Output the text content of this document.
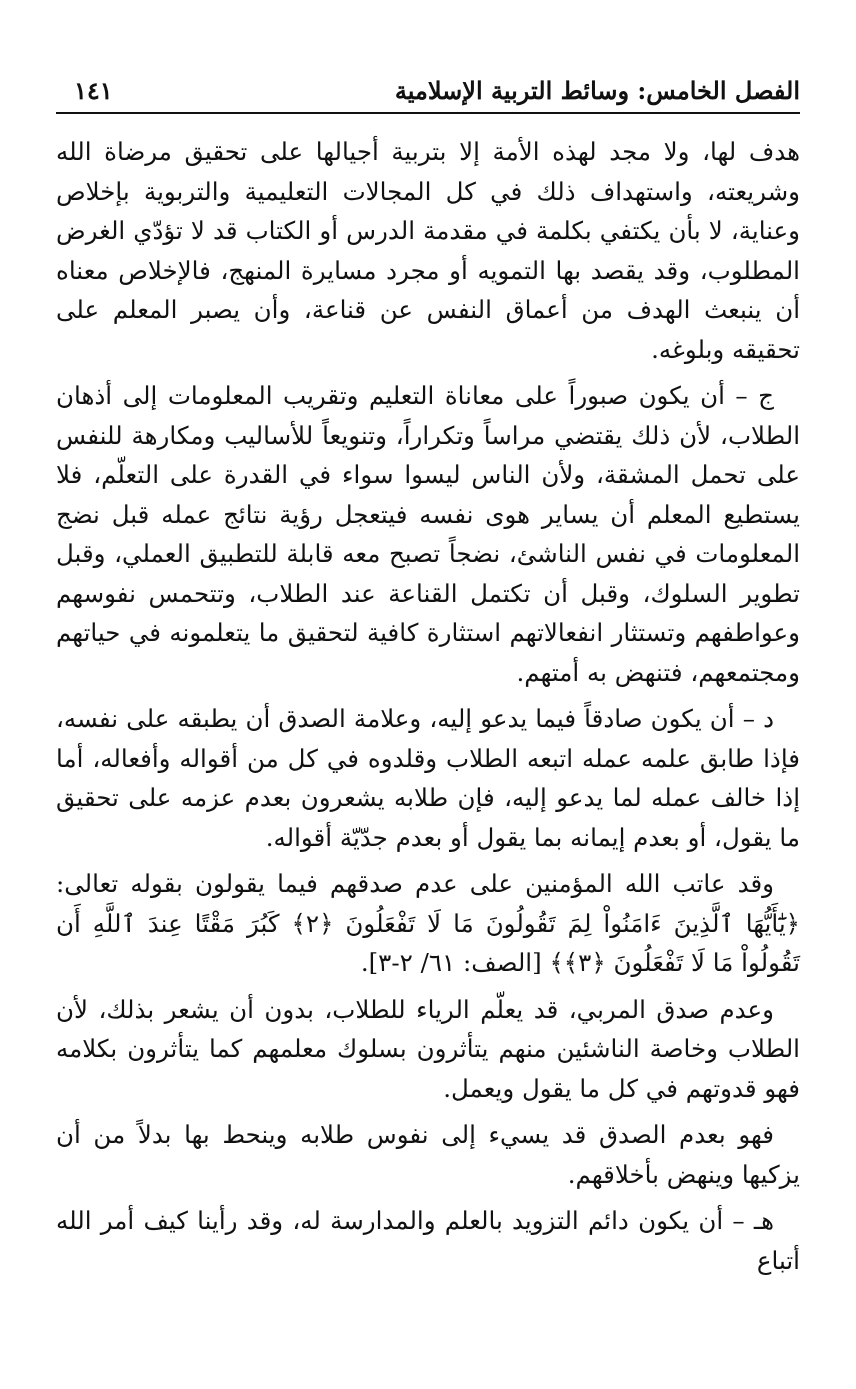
الفصل الخامس: وسائط التربية الإسلامية
١٤١

هدف لها، ولا مجد لهذه الأمة إلا بتربية أجيالها على تحقيق مرضاة الله وشريعته، واستهداف ذلك في كل المجالات التعليمية والتربوية بإخلاص وعناية، لا بأن يكتفي بكلمة في مقدمة الدرس أو الكتاب قد لا تؤدّي الغرض المطلوب، وقد يقصد بها التمويه أو مجرد مسايرة المنهج، فالإخلاص معناه أن ينبعث الهدف من أعماق النفس عن قناعة، وأن يصبر المعلم على تحقيقه وبلوغه.

ج – أن يكون صبوراً على معاناة التعليم وتقريب المعلومات إلى أذهان الطلاب، لأن ذلك يقتضي مراساً وتكراراً، وتنويعاً للأساليب ومكارهة للنفس على تحمل المشقة، ولأن الناس ليسوا سواء في القدرة على التعلّم، فلا يستطيع المعلم أن يساير هوى نفسه فيتعجل رؤية نتائج عمله قبل نضج المعلومات في نفس الناشئ، نضجاً تصبح معه قابلة للتطبيق العملي، وقبل تطوير السلوك، وقبل أن تكتمل القناعة عند الطلاب، وتتحمس نفوسهم وعواطفهم وتستثار انفعالاتهم استثارة كافية لتحقيق ما يتعلمونه في حياتهم ومجتمعهم، فتنهض به أمتهم.

د – أن يكون صادقاً فيما يدعو إليه، وعلامة الصدق أن يطبقه على نفسه، فإذا طابق علمه عمله اتبعه الطلاب وقلدوه في كل من أقواله وأفعاله، أما إذا خالف عمله لما يدعو إليه، فإن طلابه يشعرون بعدم عزمه على تحقيق ما يقول، أو بعدم إيمانه بما يقول أو بعدم جدّيّة أقواله.

وقد عاتب الله المؤمنين على عدم صدقهم فيما يقولون بقوله تعالى: ﴿يَٰٓأَيُّهَا ٱلَّذِينَ ءَامَنُواْ لِمَ تَقُولُونَ مَا لَا تَفْعَلُونَ ﴿٢﴾ كَبُرَ مَقْتًا عِندَ ٱللَّهِ أَن تَقُولُواْ مَا لَا تَفْعَلُونَ ﴿٣﴾﴾ [الصف: ٦١/ ٢-٣].

وعدم صدق المربي، قد يعلّم الرياء للطلاب، بدون أن يشعر بذلك، لأن الطلاب وخاصة الناشئين منهم يتأثرون بسلوك معلمهم كما يتأثرون بكلامه فهو قدوتهم في كل ما يقول ويعمل.

فهو بعدم الصدق قد يسيء إلى نفوس طلابه وينحط بها بدلاً من أن يزكيها وينهض بأخلاقهم.

هـ – أن يكون دائم التزويد بالعلم والمدارسة له، وقد رأينا كيف أمر الله أتباع
